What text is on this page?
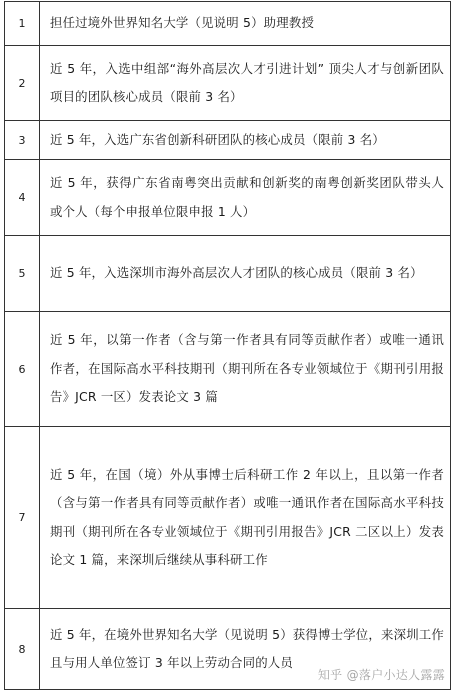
1	担任过境外世界知名大学（见说明 5）助理教授
2	近 5 年，入选中组部“海外高层次人才引进计划” 顶尖人才与创新团队项目的团队核心成员（限前 3 名）
3	近 5 年，入选广东省创新科研团队的核心成员（限前 3 名）
4	近 5 年，获得广东省南粤突出贡献和创新奖的南粤创新奖团队带头人或个人（每个申报单位限申报 1 人）
5	近 5 年，入选深圳市海外高层次人才团队的核心成员（限前 3 名）
6	近 5 年，以第一作者（含与第一作者具有同等贡献作者）或唯一通讯作者，在国际高水平科技期刊（期刊所在各专业领域位于《期刊引用报告》JCR 一区）发表论文 3 篇
7	近 5 年，在国（境）外从事博士后科研工作 2 年以上，且以第一作者（含与第一作者具有同等贡献作者）或唯一通讯作者在国际高水平科技期刊（期刊所在各专业领域位于《期刊引用报告》JCR 二区以上）发表论文 1 篇，来深圳后继续从事科研工作
8	近 5 年，在境外世界知名大学（见说明 5）获得博士学位，来深圳工作且与用人单位签订 3 年以上劳动合同的人员
知乎 @落户小达人露露
